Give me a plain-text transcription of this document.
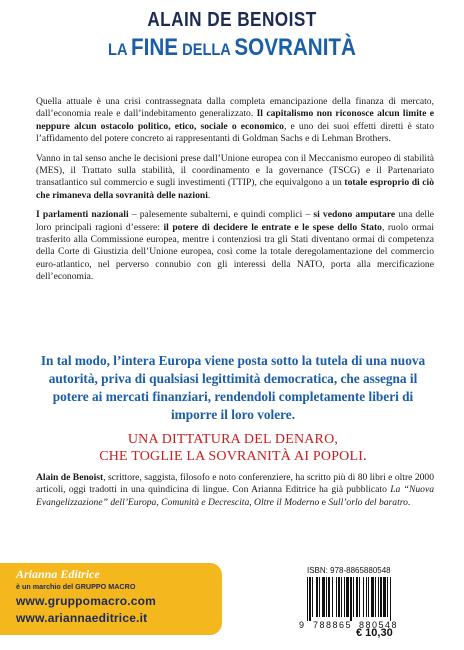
ALAIN DE BENOIST
LA FINE DELLA SOVRANITÀ

Quella attuale è una crisi contrassegnata dalla completa emancipazione della finanza di mercato, dall’economia reale e dall’indebitamento generalizzato. Il capitalismo non riconosce alcun limite e neppure alcun ostacolo politico, etico, sociale o economico, e uno dei suoi effetti diretti è stato l’affidamento del potere concreto ai rappresentanti di Goldman Sachs e di Lehman Brothers.

Vanno in tal senso anche le decisioni prese dall’Unione europea con il Meccanismo europeo di stabilità (MES), il Trattato sulla stabilità, il coordinamento e la governance (TSCG) e il Partenariato transatlantico sul commercio e sugli investimenti (TTIP), che equivalgono a un totale esproprio di ciò che rimaneva della sovranità delle nazioni.

I parlamenti nazionali – palesemente subalterni, e quindi complici – si vedono amputare una delle loro principali ragioni d’essere: il potere di decidere le entrate e le spese dello Stato, ruolo ormai trasferito alla Commissione europea, mentre i contenziosi tra gli Stati diventano ormai di competenza della Corte di Giustizia dell’Unione europea, così come la totale deregolamentazione del commercio euro-atlantico, nel perverso connubio con gli interessi della NATO, porta alla mercificazione dell’economia.

In tal modo, l’intera Europa viene posta sotto la tutela di una nuova autorità, priva di qualsiasi legittimità democratica, che assegna il potere ai mercati finanziari, rendendoli completamente liberi di imporre il loro volere.
UNA DITTATURA DEL DENARO,
CHE TOGLIE LA SOVRANITÀ AI POPOLI.
Alain de Benoist, scrittore, saggista, filosofo e noto conferenziere, ha scritto più di 80 libri e oltre 2000 articoli, oggi tradotti in una quindicina di lingue. Con Arianna Editrice ha già pubblicato La “Nuova Evangelizzazione” dell’Europa, Comunità e Decrescita, Oltre il Moderno e Sull’orlo del baratro.
Arianna Editrice
è un marchio del GRUPPO MACRO
www.gruppomacro.com
www.ariannaeditrice.it
ISBN: 978-8865880548
9 788865 880548
€ 10,30
